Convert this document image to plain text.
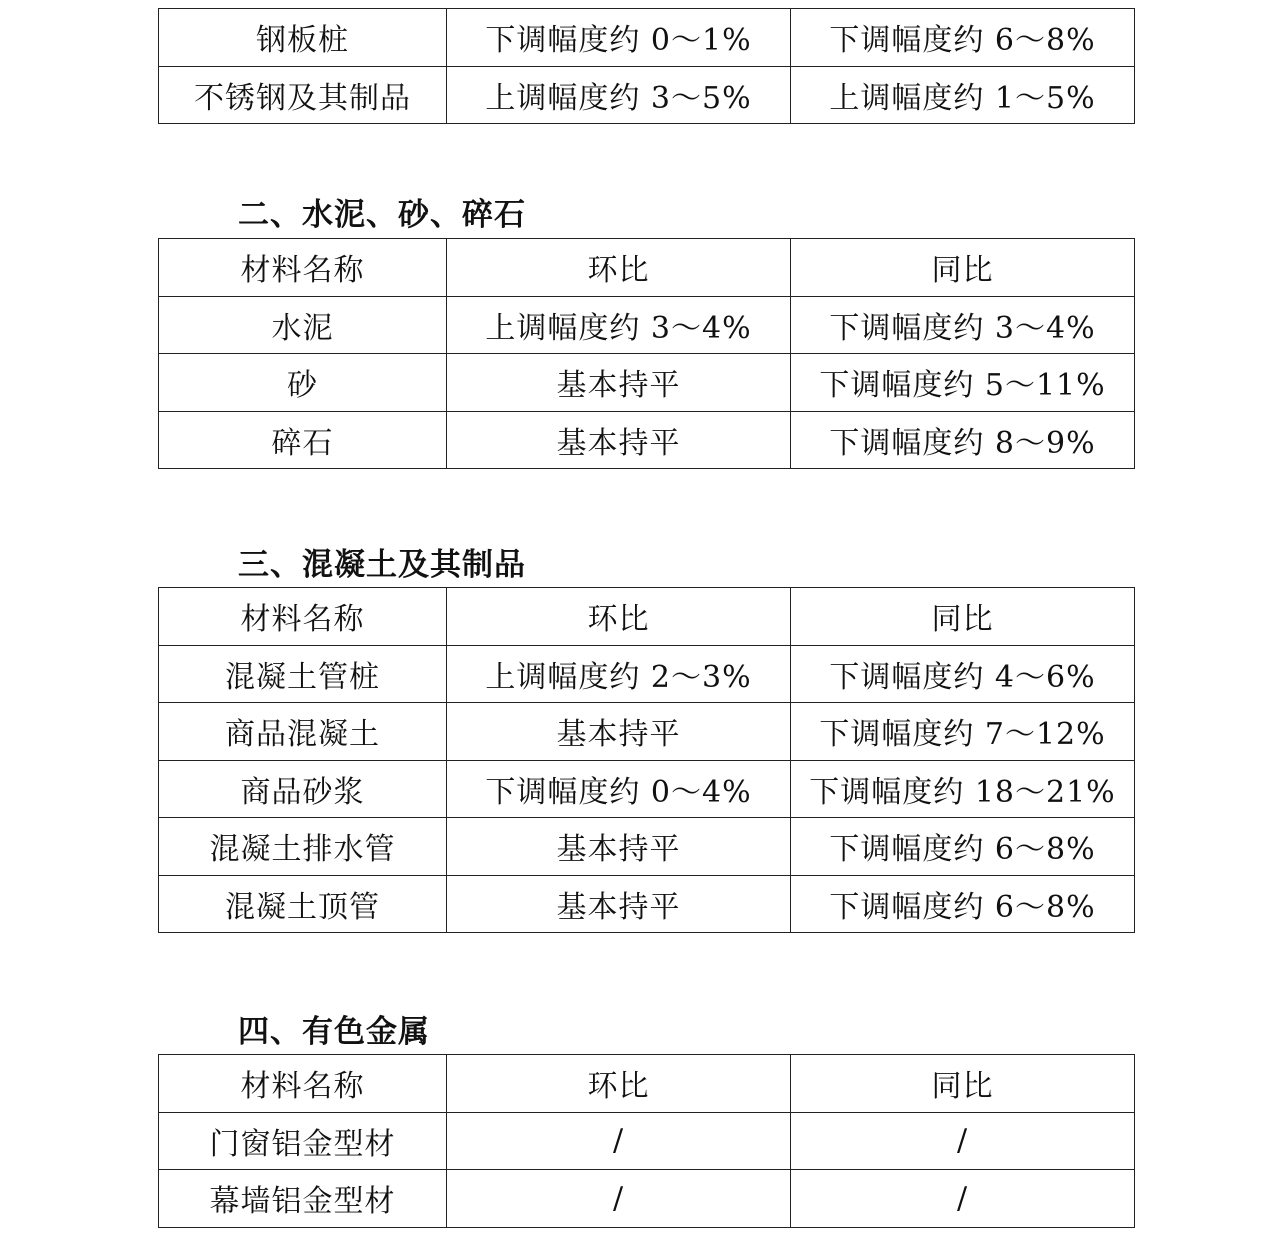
钢板桩	下调幅度约 0～1%	下调幅度约 6～8%
不锈钢及其制品	上调幅度约 3～5%	上调幅度约 1～5%
二、水泥、砂、碎石
材料名称	环比	同比
水泥	上调幅度约 3～4%	下调幅度约 3～4%
砂	基本持平	下调幅度约 5～11%
碎石	基本持平	下调幅度约 8～9%
三、混凝土及其制品
材料名称	环比	同比
混凝土管桩	上调幅度约 2～3%	下调幅度约 4～6%
商品混凝土	基本持平	下调幅度约 7～12%
商品砂浆	下调幅度约 0～4%	下调幅度约 18～21%
混凝土排水管	基本持平	下调幅度约 6～8%
混凝土顶管	基本持平	下调幅度约 6～8%
四、有色金属
材料名称	环比	同比
门窗铝金型材	/	/
幕墙铝金型材	/	/
